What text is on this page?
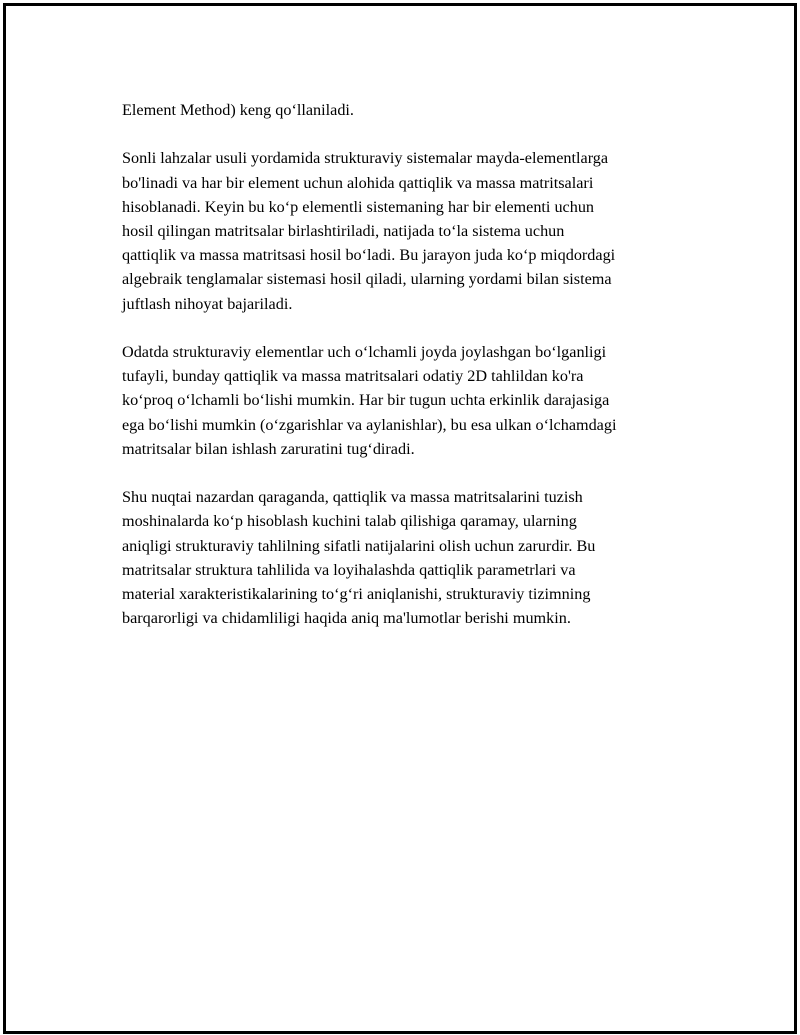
Element Method) keng qo‘llaniladi.

Sonli lahzalar usuli yordamida strukturaviy sistemalar mayda-elementlarga
bo'linadi va har bir element uchun alohida qattiqlik va massa matritsalari
hisoblanadi. Keyin bu ko‘p elementli sistemaning har bir elementi uchun
hosil qilingan matritsalar birlashtiriladi, natijada to‘la sistema uchun
qattiqlik va massa matritsasi hosil bo‘ladi. Bu jarayon juda ko‘p miqdordagi
algebraik tenglamalar sistemasi hosil qiladi, ularning yordami bilan sistema
juftlash nihoyat bajariladi.

Odatda strukturaviy elementlar uch o‘lchamli joyda joylashgan bo‘lganligi
tufayli, bunday qattiqlik va massa matritsalari odatiy 2D tahlildan ko'ra
ko‘proq o‘lchamli bo‘lishi mumkin. Har bir tugun uchta erkinlik darajasiga
ega bo‘lishi mumkin (o‘zgarishlar va aylanishlar), bu esa ulkan o‘lchamdagi
matritsalar bilan ishlash zaruratini tug‘diradi.

Shu nuqtai nazardan qaraganda, qattiqlik va massa matritsalarini tuzish
moshinalarda ko‘p hisoblash kuchini talab qilishiga qaramay, ularning
aniqligi strukturaviy tahlilning sifatli natijalarini olish uchun zarurdir. Bu
matritsalar struktura tahlilida va loyihalashda qattiqlik parametrlari va
material xarakteristikalarining to‘g‘ri aniqlanishi, strukturaviy tizimning
barqarorligi va chidamliligi haqida aniq ma'lumotlar berishi mumkin.
